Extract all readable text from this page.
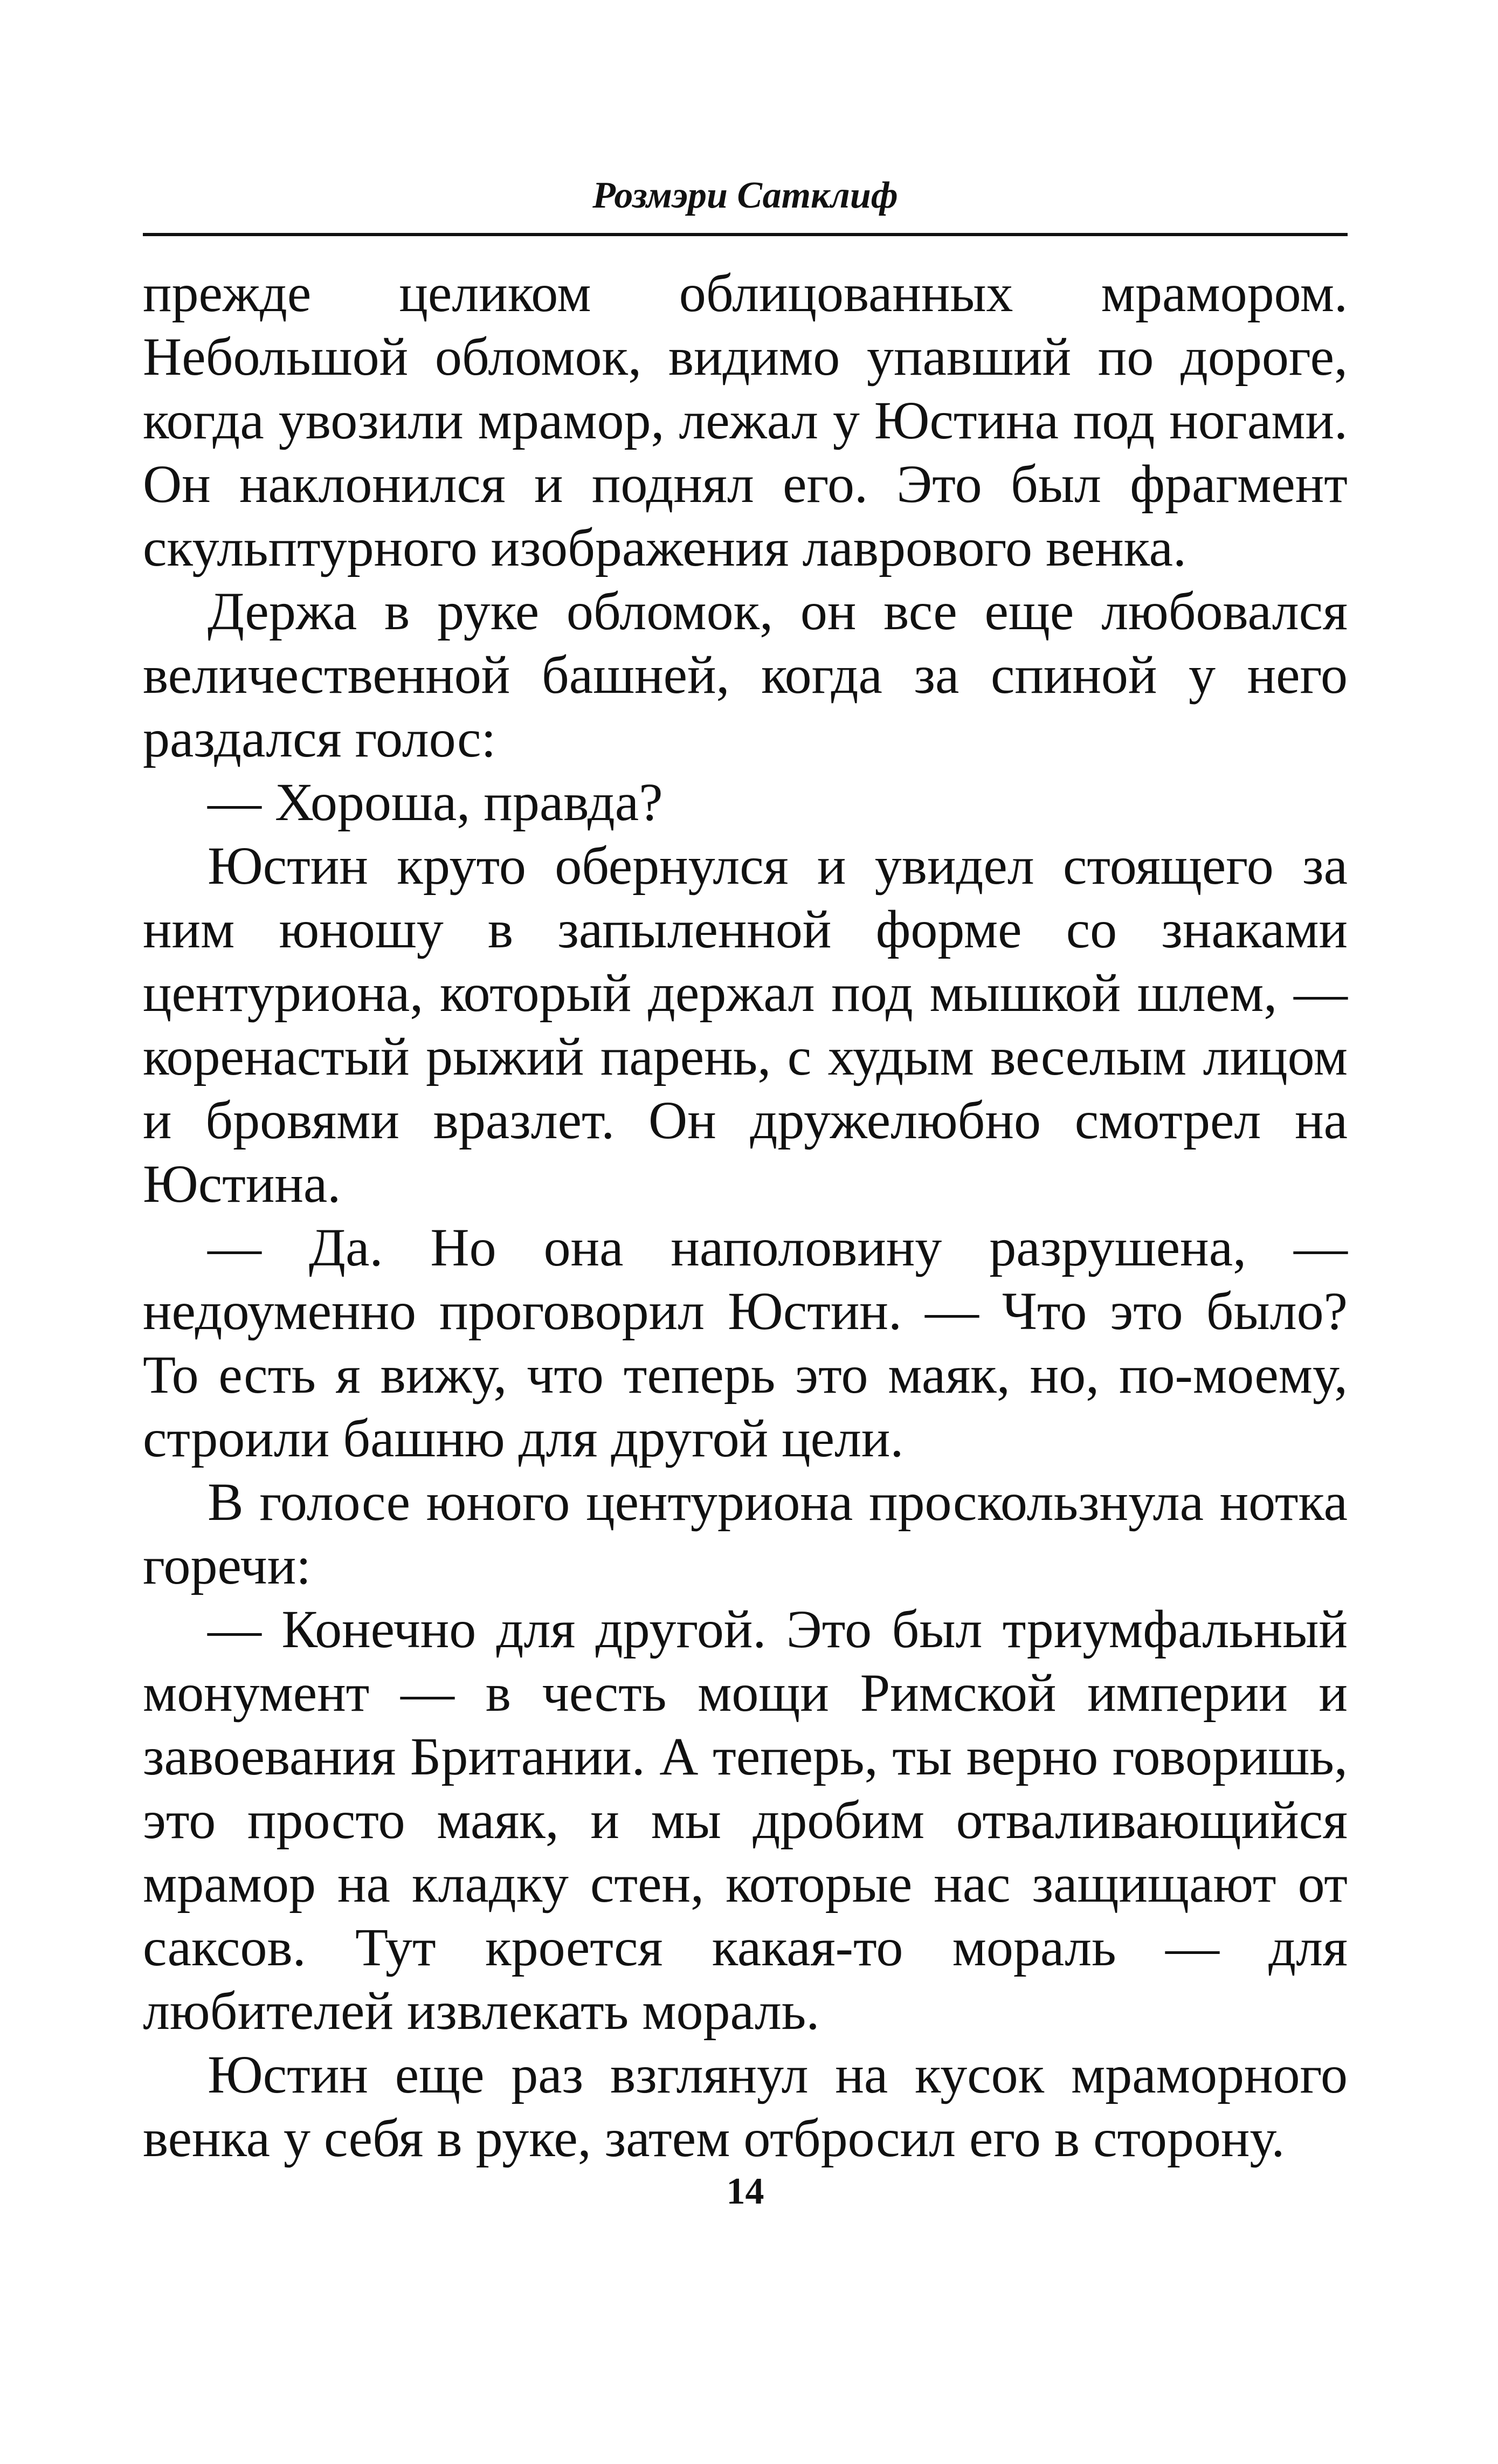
Розмэри Сатклиф

прежде целиком облицованных мрамором. Небольшой обломок, видимо упавший по дороге, когда увозили мрамор, лежал у Юстина под ногами. Он наклонился и поднял его. Это был фрагмент скульптурного изображения лаврового венка.

Держа в руке обломок, он все еще любовался величественной башней, когда за спиной у него раздался голос:

— Хороша, правда?

Юстин круто обернулся и увидел стоящего за ним юношу в запыленной форме со знаками центуриона, который держал под мышкой шлем, — коренастый рыжий парень, с худым веселым лицом и бровями вразлет. Он дружелюбно смотрел на Юстина.

— Да. Но она наполовину разрушена, — недоуменно проговорил Юстин. — Что это было? То есть я вижу, что теперь это маяк, но, по-моему, строили башню для другой цели.

В голосе юного центуриона проскользнула нотка горечи:

— Конечно для другой. Это был триумфальный монумент — в честь мощи Римской империи и завоевания Британии. А теперь, ты верно говоришь, это просто маяк, и мы дробим отваливающийся мрамор на кладку стен, которые нас защищают от саксов. Тут кроется какая-то мораль — для любителей извлекать мораль.

Юстин еще раз взглянул на кусок мраморного венка у себя в руке, затем отбросил его в сторону.

14
